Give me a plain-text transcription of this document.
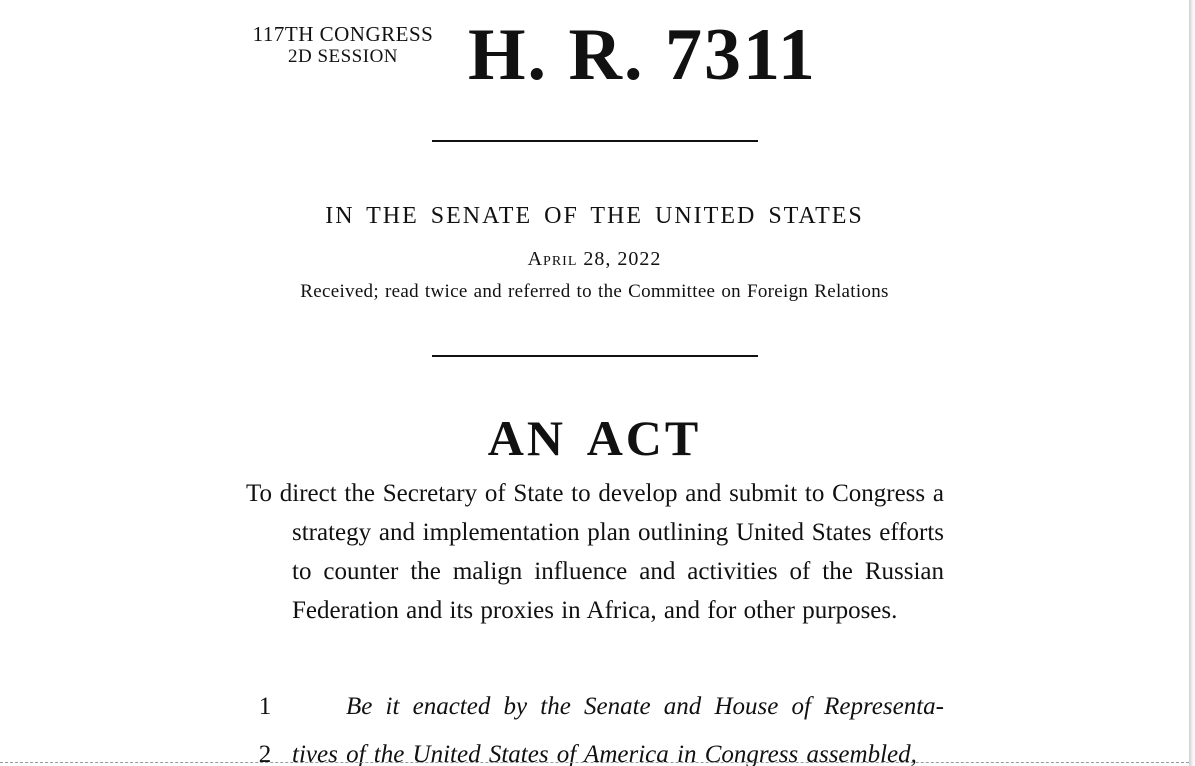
117TH CONGRESS
2D SESSION H. R. 7311
IN THE SENATE OF THE UNITED STATES
April 28, 2022
Received; read twice and referred to the Committee on Foreign Relations
AN ACT
To direct the Secretary of State to develop and submit to Congress a strategy and implementation plan outlining United States efforts to counter the malign influence and activities of the Russian Federation and its proxies in Africa, and for other purposes.
1	Be it enacted by the Senate and House of Representa-
2 tives of the United States of America in Congress assembled,
